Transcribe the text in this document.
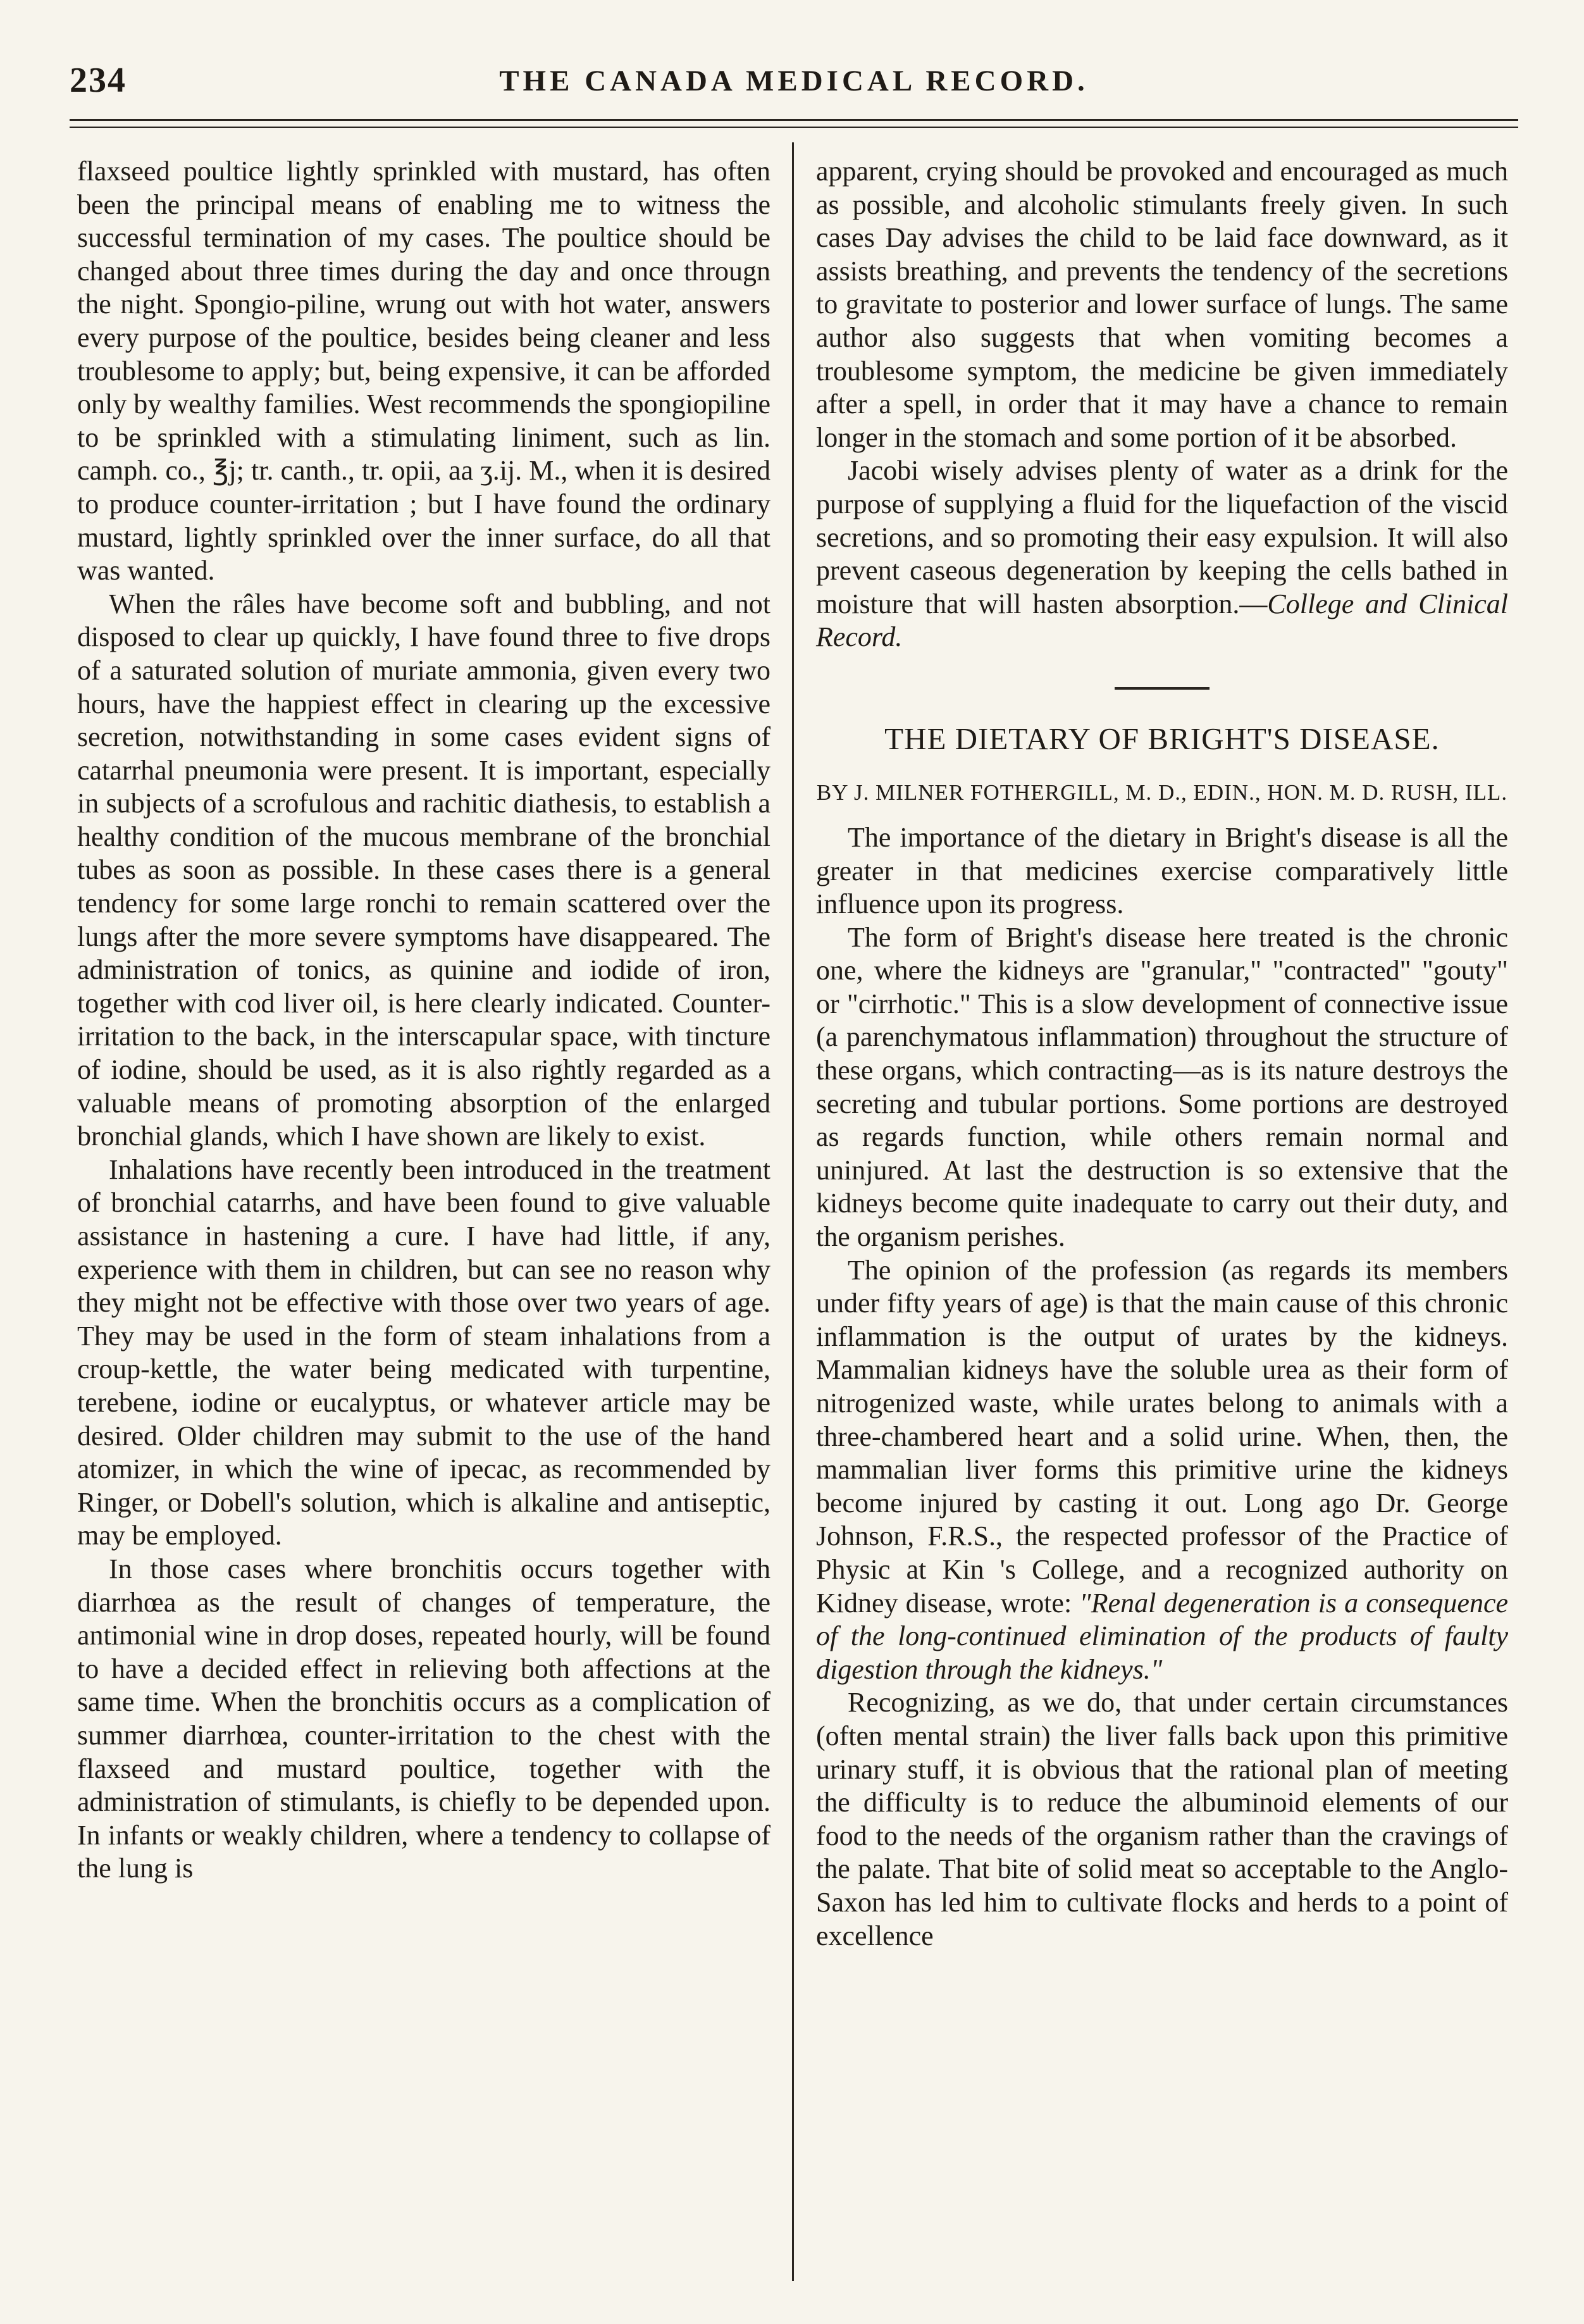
234	THE CANADA MEDICAL RECORD.

flaxseed poultice lightly sprinkled with mustard, has often been the principal means of enabling me to witness the successful termination of my cases. The poultice should be changed about three times during the day and once througn the night. Spongio-piline, wrung out with hot water, answers every purpose of the poultice, besides being cleaner and less troublesome to apply; but, being expensive, it can be afforded only by wealthy families. West recommends the spongiopiline to be sprinkled with a stimulating liniment, such as lin. camph. co., ℥j; tr. canth., tr. opii, aa ʒ.ij. M., when it is desired to produce counter-irritation ; but I have found the ordinary mustard, lightly sprinkled over the inner surface, do all that was wanted.

When the râles have become soft and bubbling, and not disposed to clear up quickly, I have found three to five drops of a saturated solution of muriate ammonia, given every two hours, have the happiest effect in clearing up the excessive secretion, notwithstanding in some cases evident signs of catarrhal pneumonia were present. It is important, especially in subjects of a scrofulous and rachitic diathesis, to establish a healthy condition of the mucous membrane of the bronchial tubes as soon as possible. In these cases there is a general tendency for some large ronchi to remain scattered over the lungs after the more severe symptoms have disappeared. The administration of tonics, as quinine and iodide of iron, together with cod liver oil, is here clearly indicated. Counter-irritation to the back, in the interscapular space, with tincture of iodine, should be used, as it is also rightly regarded as a valuable means of promoting absorption of the enlarged bronchial glands, which I have shown are likely to exist.

Inhalations have recently been introduced in the treatment of bronchial catarrhs, and have been found to give valuable assistance in hastening a cure. I have had little, if any, experience with them in children, but can see no reason why they might not be effective with those over two years of age. They may be used in the form of steam inhalations from a croup-kettle, the water being medicated with turpentine, terebene, iodine or eucalyptus, or whatever article may be desired. Older children may submit to the use of the hand atomizer, in which the wine of ipecac, as recommended by Ringer, or Dobell's solution, which is alkaline and antiseptic, may be employed.

In those cases where bronchitis occurs together with diarrhœa as the result of changes of temperature, the antimonial wine in drop doses, repeated hourly, will be found to have a decided effect in relieving both affections at the same time. When the bronchitis occurs as a complication of summer diarrhœa, counter-irritation to the chest with the flaxseed and mustard poultice, together with the administration of stimulants, is chiefly to be depended upon. In infants or weakly children, where a tendency to collapse of the lung is

apparent, crying should be provoked and encouraged as much as possible, and alcoholic stimulants freely given. In such cases Day advises the child to be laid face downward, as it assists breathing, and prevents the tendency of the secretions to gravitate to posterior and lower surface of lungs. The same author also suggests that when vomiting becomes a troublesome symptom, the medicine be given immediately after a spell, in order that it may have a chance to remain longer in the stomach and some portion of it be absorbed.

Jacobi wisely advises plenty of water as a drink for the purpose of supplying a fluid for the liquefaction of the viscid secretions, and so promoting their easy expulsion. It will also prevent caseous degeneration by keeping the cells bathed in moisture that will hasten absorption.—College and Clinical Record.

THE DIETARY OF BRIGHT'S DISEASE.
BY J. MILNER FOTHERGILL, M. D., EDIN., HON. M. D. RUSH, ILL.

The importance of the dietary in Bright's disease is all the greater in that medicines exercise comparatively little influence upon its progress.

The form of Bright's disease here treated is the chronic one, where the kidneys are "granular," "contracted" "gouty" or "cirrhotic." This is a slow development of connective issue (a parenchymatous inflammation) throughout the structure of these organs, which contracting—as is its nature destroys the secreting and tubular portions. Some portions are destroyed as regards function, while others remain normal and uninjured. At last the destruction is so extensive that the kidneys become quite inadequate to carry out their duty, and the organism perishes.

The opinion of the profession (as regards its members under fifty years of age) is that the main cause of this chronic inflammation is the output of urates by the kidneys. Mammalian kidneys have the soluble urea as their form of nitrogenized waste, while urates belong to animals with a three-chambered heart and a solid urine. When, then, the mammalian liver forms this primitive urine the kidneys become injured by casting it out. Long ago Dr. George Johnson, F.R.S., the respected professor of the Practice of Physic at Kin 's College, and a recognized authority on Kidney disease, wrote: "Renal degeneration is a consequence of the long-continued elimination of the products of faulty digestion through the kidneys."

Recognizing, as we do, that under certain circumstances (often mental strain) the liver falls back upon this primitive urinary stuff, it is obvious that the rational plan of meeting the difficulty is to reduce the albuminoid elements of our food to the needs of the organism rather than the cravings of the palate. That bite of solid meat so acceptable to the Anglo-Saxon has led him to cultivate flocks and herds to a point of excellence
